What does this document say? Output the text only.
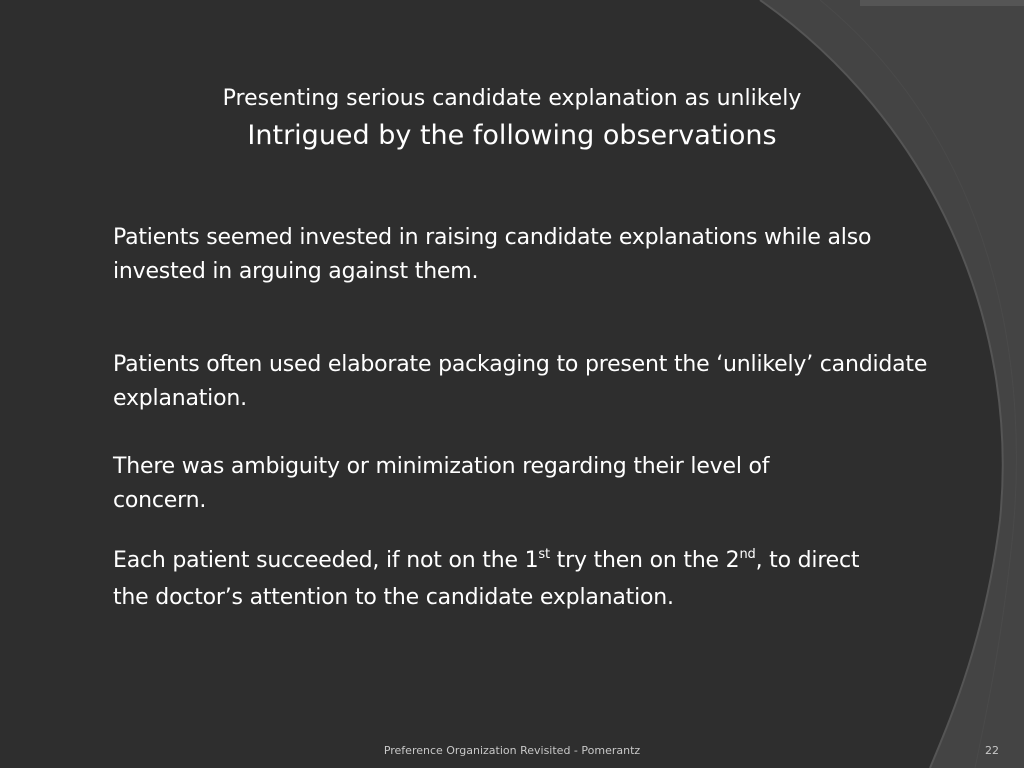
Presenting serious candidate explanation as unlikely
Intrigued by the following observations
Patients seemed invested in raising candidate explanations while also invested in arguing against them.
Patients often used elaborate packaging to present the ‘unlikely’ candidate explanation.
There was ambiguity or minimization regarding their level of concern.
Each patient succeeded, if not on the 1st try then on the 2nd, to direct the doctor’s attention to the candidate explanation.
Preference Organization Revisited - Pomerantz	22
